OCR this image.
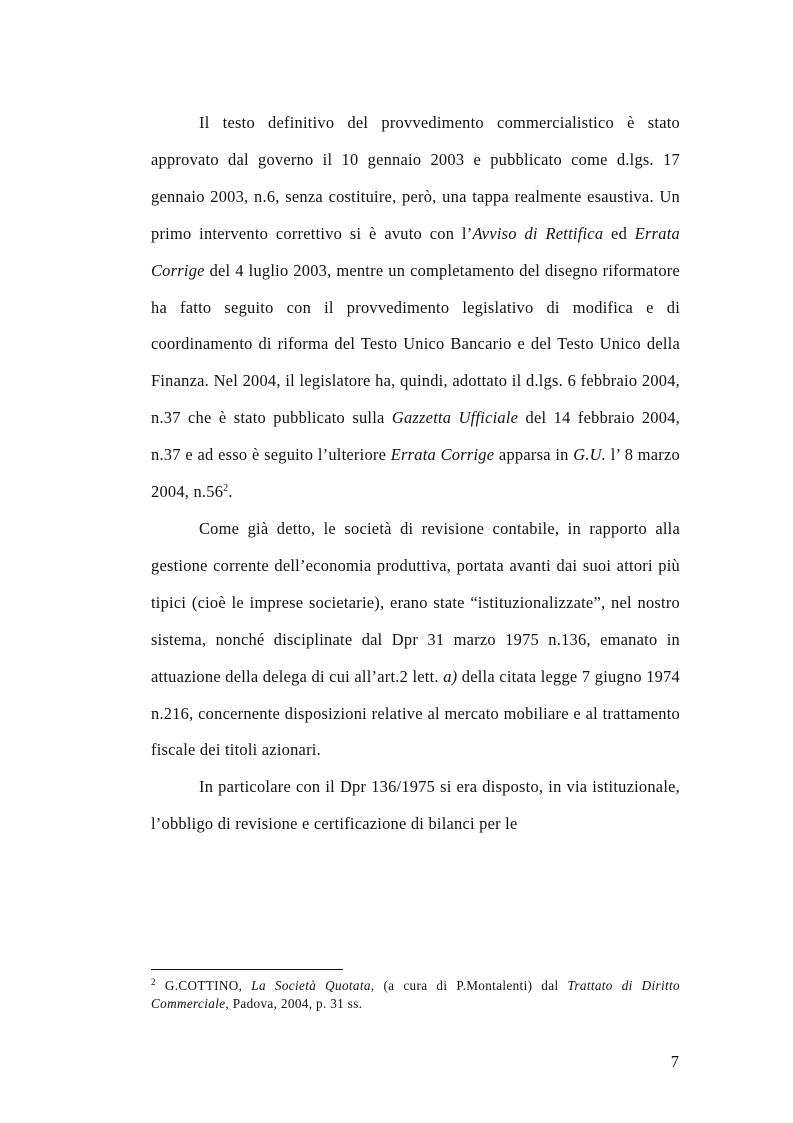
Il testo definitivo del provvedimento commercialistico è stato approvato dal governo il 10 gennaio 2003 e pubblicato come d.lgs. 17 gennaio 2003, n.6, senza costituire, però, una tappa realmente esaustiva. Un primo intervento correttivo si è avuto con l’Avviso di Rettifica ed Errata Corrige del 4 luglio 2003, mentre un completamento del disegno riformatore ha fatto seguito con il provvedimento legislativo di modifica e di coordinamento di riforma del Testo Unico Bancario e del Testo Unico della Finanza. Nel 2004, il legislatore ha, quindi, adottato il d.lgs. 6 febbraio 2004, n.37 che è stato pubblicato sulla Gazzetta Ufficiale del 14 febbraio 2004, n.37 e ad esso è seguito l’ulteriore Errata Corrige apparsa in G.U. l’ 8 marzo 2004, $n.56^2$.

Come già detto, le società di revisione contabile, in rapporto alla gestione corrente dell’economia produttiva, portata avanti dai suoi attori più tipici (cioè le imprese societarie), erano state “istituzionalizzate”, nel nostro sistema, nonché disciplinate dal Dpr 31 marzo 1975 n.136, emanato in attuazione della delega di cui all’art.2 lett. a) della citata legge 7 giugno 1974 n.216, concernente disposizioni relative al mercato mobiliare e al trattamento fiscale dei titoli azionari.

In particolare con il Dpr 136/1975 si era disposto, in via istituzionale, l’obbligo di revisione e certificazione di bilanci per le

$^2$ G.COTTINO, La Società Quotata, (a cura di P.Montalenti) dal Trattato di Diritto Commerciale, Padova, 2004, p. 31 ss.

7
